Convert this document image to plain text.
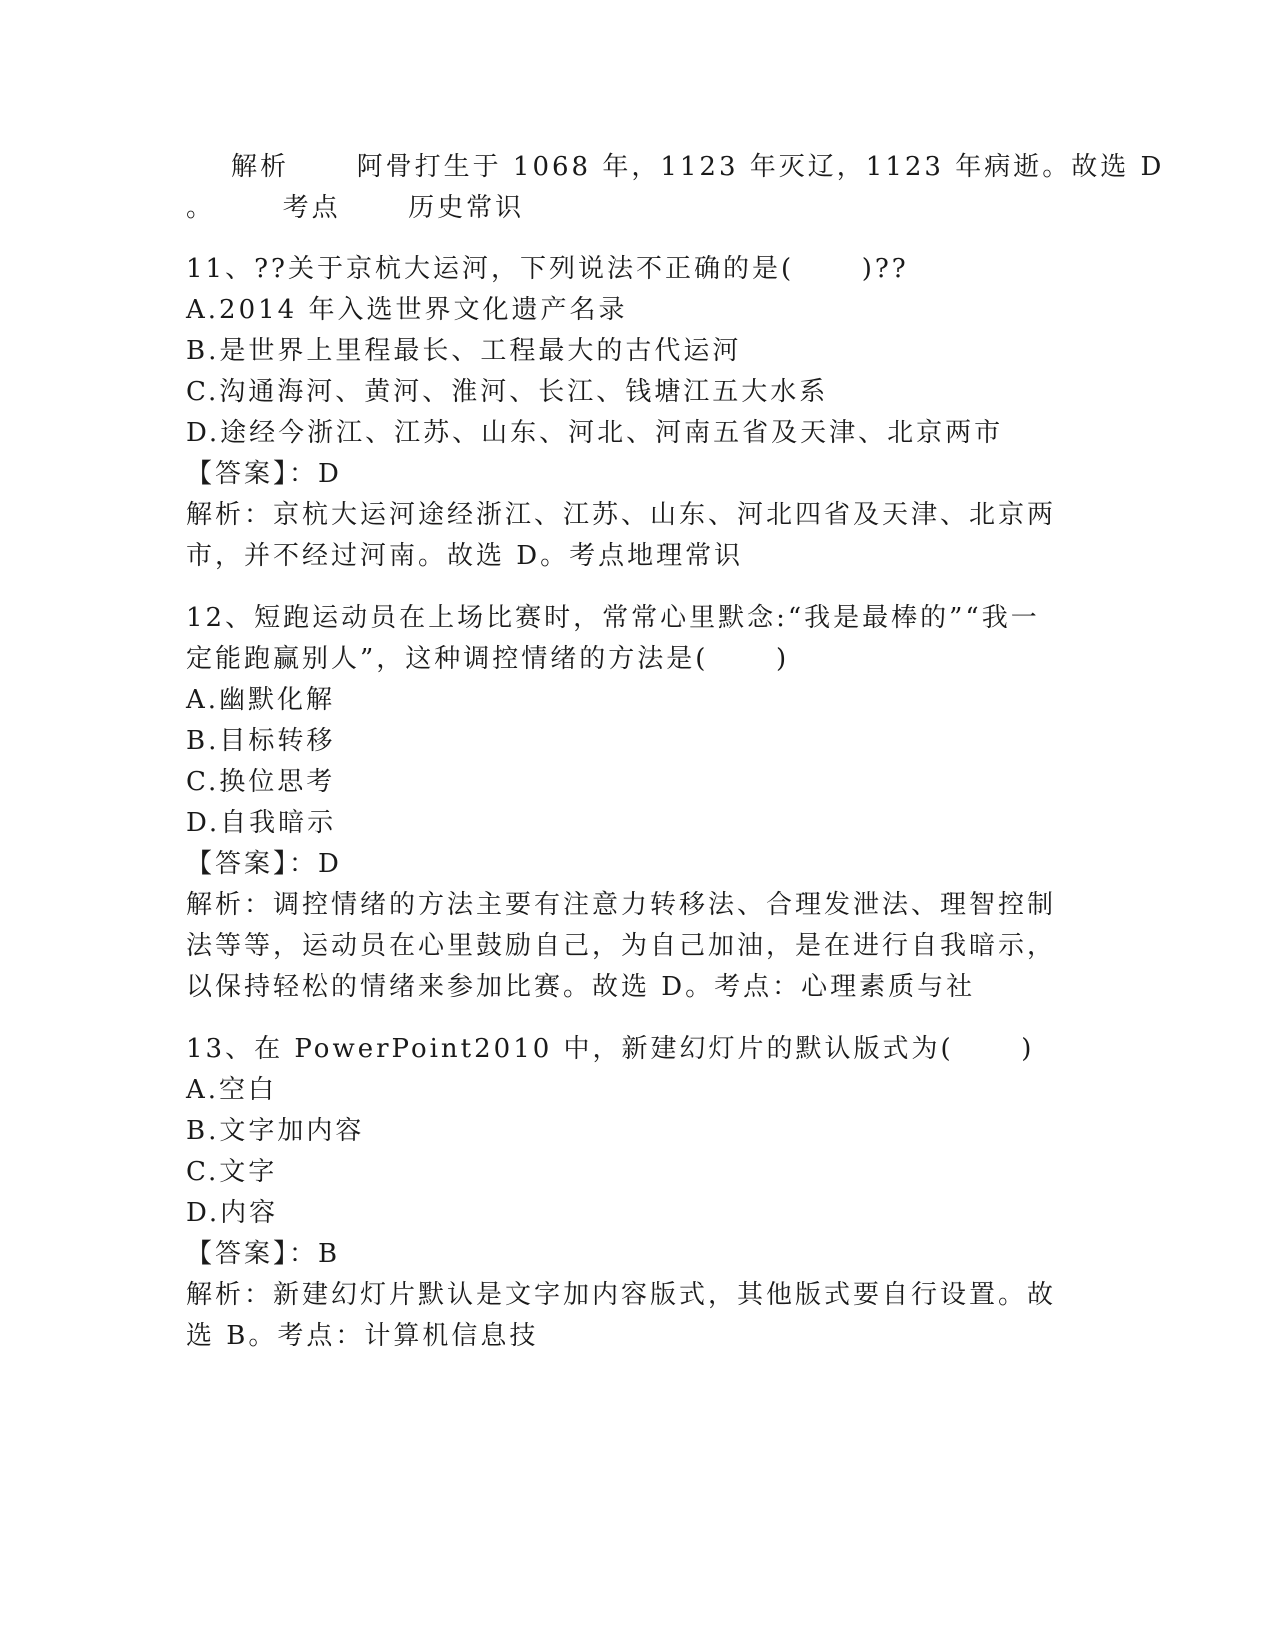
解析      阿骨打生于 1068 年，1123 年灭辽，1123 年病逝。故选 D
。      考点      历史常识
11、??关于京杭大运河，下列说法不正确的是(      )??
A.2014 年入选世界文化遗产名录
B.是世界上里程最长、工程最大的古代运河
C.沟通海河、黄河、淮河、长江、钱塘江五大水系
D.途经今浙江、江苏、山东、河北、河南五省及天津、北京两市
【答案】：D
解析：京杭大运河途经浙江、江苏、山东、河北四省及天津、北京两
市，并不经过河南。故选 D。考点地理常识
12、短跑运动员在上场比赛时，常常心里默念:“我是最棒的”“我一
定能跑赢别人”，这种调控情绪的方法是(      )
A.幽默化解
B.目标转移
C.换位思考
D.自我暗示
【答案】：D
解析：调控情绪的方法主要有注意力转移法、合理发泄法、理智控制
法等等，运动员在心里鼓励自己，为自己加油，是在进行自我暗示，
以保持轻松的情绪来参加比赛。故选 D。考点：心理素质与社
13、在 PowerPoint2010 中，新建幻灯片的默认版式为(      )
A.空白
B.文字加内容
C.文字
D.内容
【答案】：B
解析：新建幻灯片默认是文字加内容版式，其他版式要自行设置。故
选 B。考点：计算机信息技
